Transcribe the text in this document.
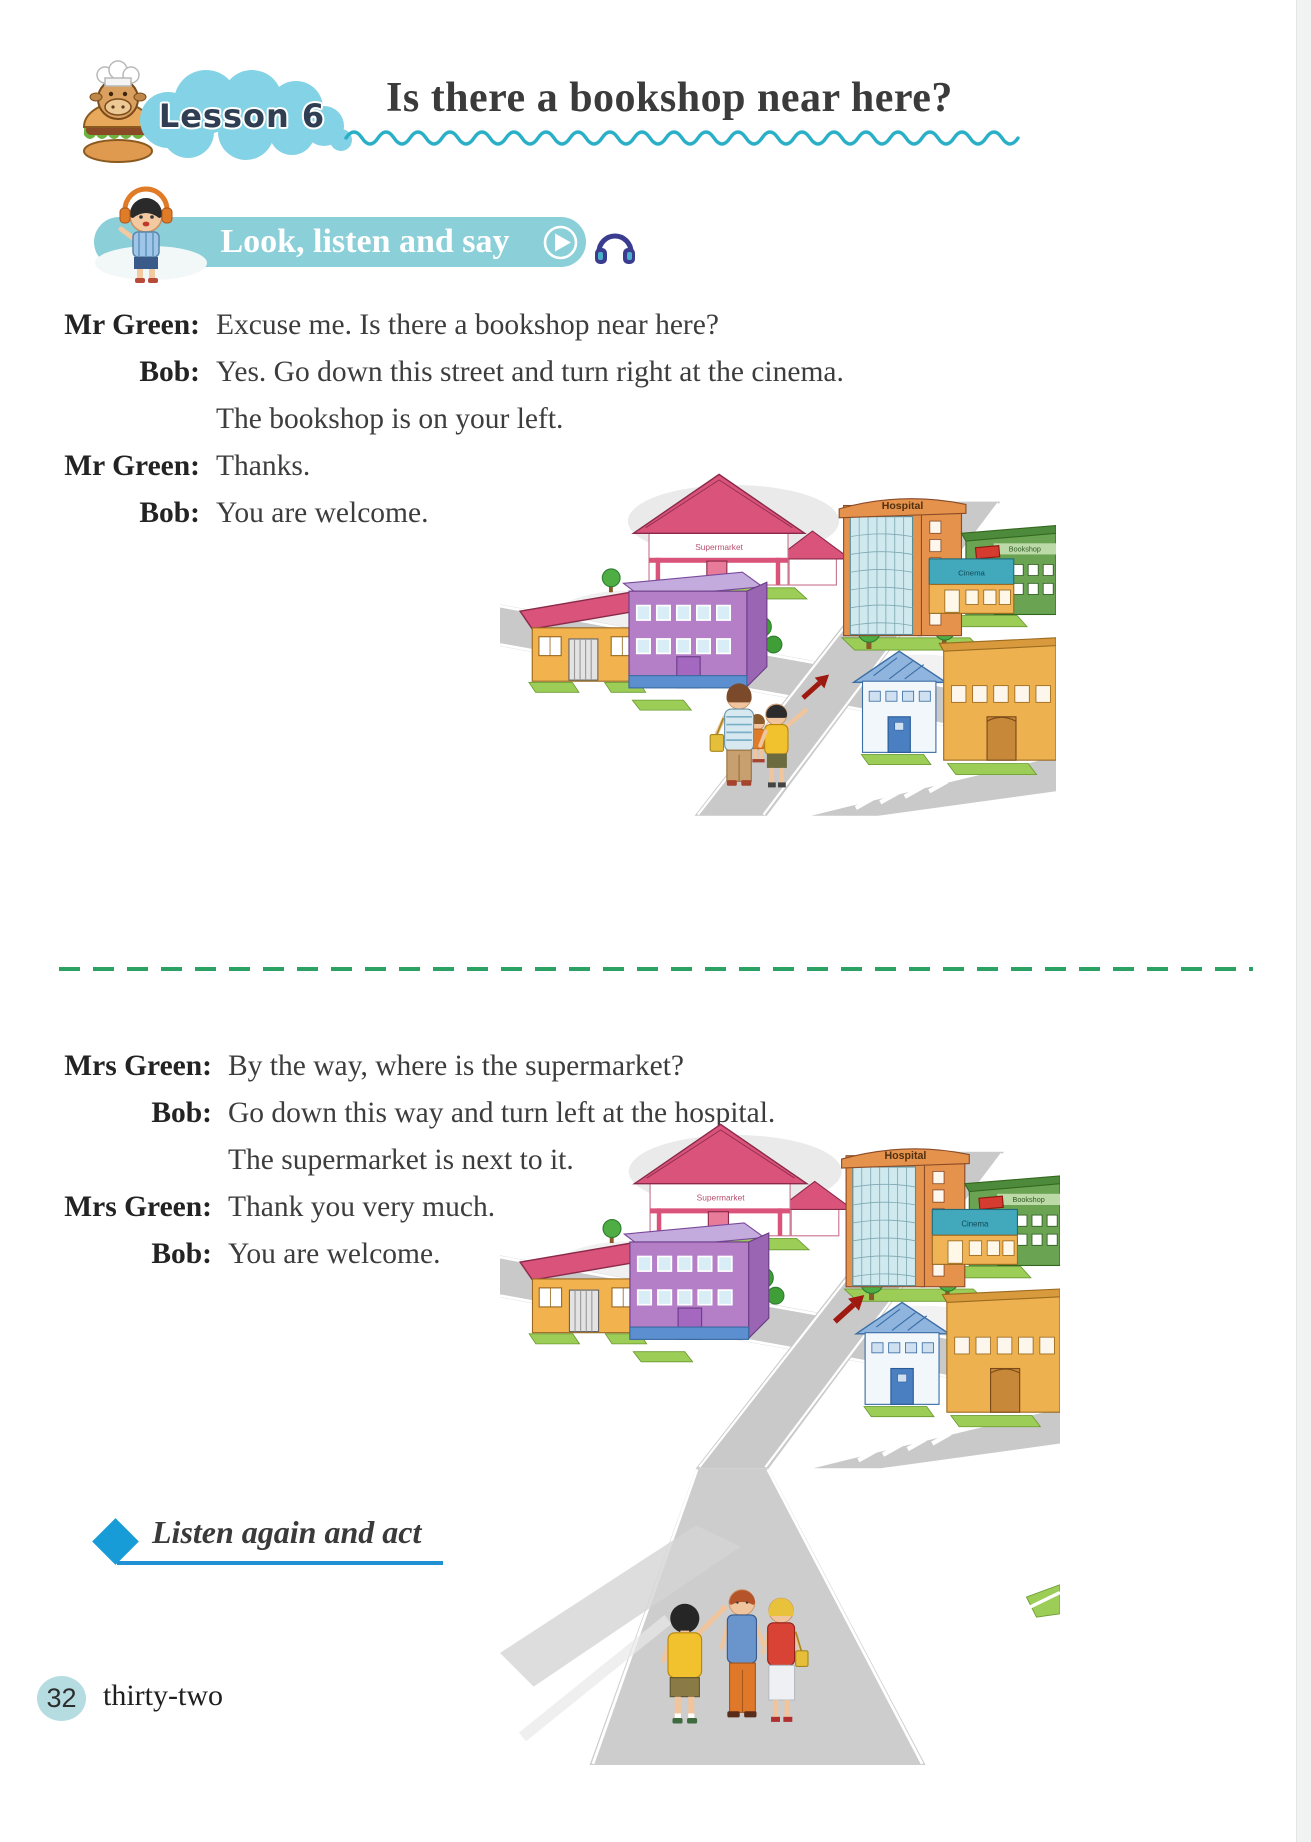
Lesson 6	Is there a bookshop near here?
Look, listen and say
Mr Green: Excuse me. Is there a bookshop near here?
Bob: Yes. Go down this street and turn right at the cinema.
The bookshop is on your left.
Mr Green: Thanks.
Bob: You are welcome.
Supermarket
Hospital
Bookshop
Cinema
Mrs Green: By the way, where is the supermarket?
Bob: Go down this way and turn left at the hospital.
The supermarket is next to it.
Mrs Green: Thank you very much.
Bob: You are welcome.
Listen again and act
32 thirty-two
